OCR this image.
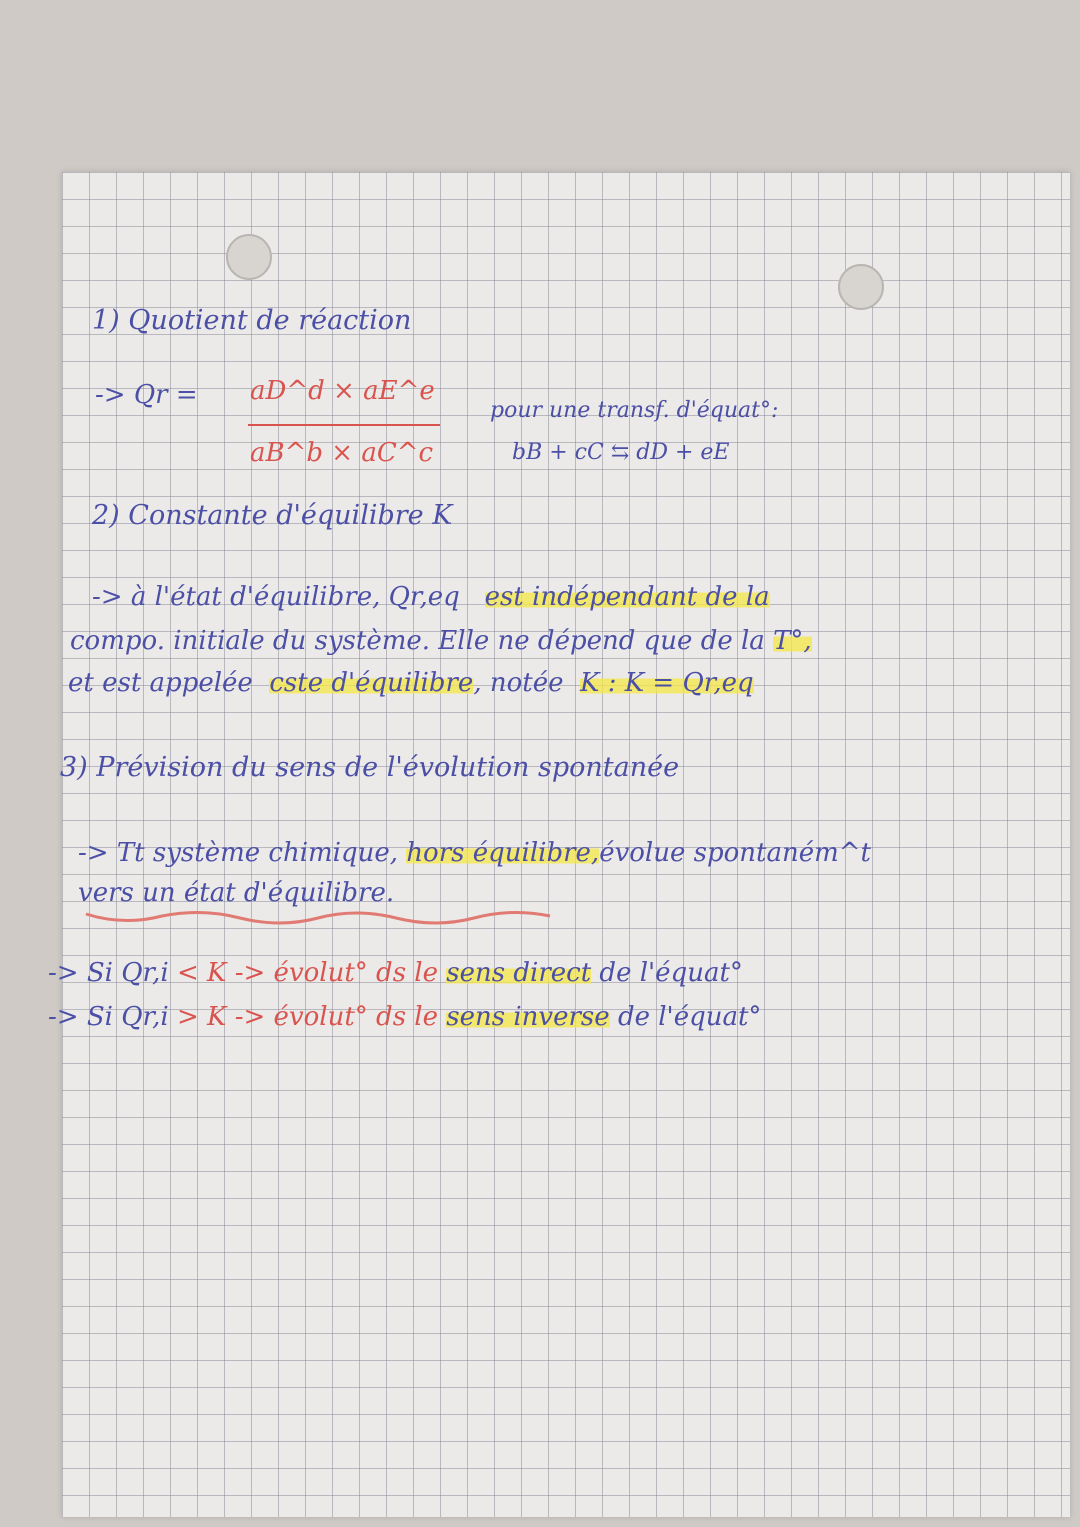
1) Quotient de réaction
-> Qr = aD^d × aE^e
aB^b × aC^c
pour une transf. d'équat°:
bB + cC ⇆ dD + eE
2) Constante d'équilibre K
-> à l'état d'équilibre, Qr,eq est indépendant de la
compo. initiale du système. Elle ne dépend que de la T°,
et est appelée cste d'équilibre, notée K : K = Qr,eq
3) Prévision du sens de l'évolution spontanée
-> Tt système chimique, hors équilibre,évolue spontaném^t
vers un état d'équilibre.
-> Si Qr,i < K -> évolut° ds le sens direct de l'équat°
-> Si Qr,i > K -> évolut° ds le sens inverse de l'équat°
